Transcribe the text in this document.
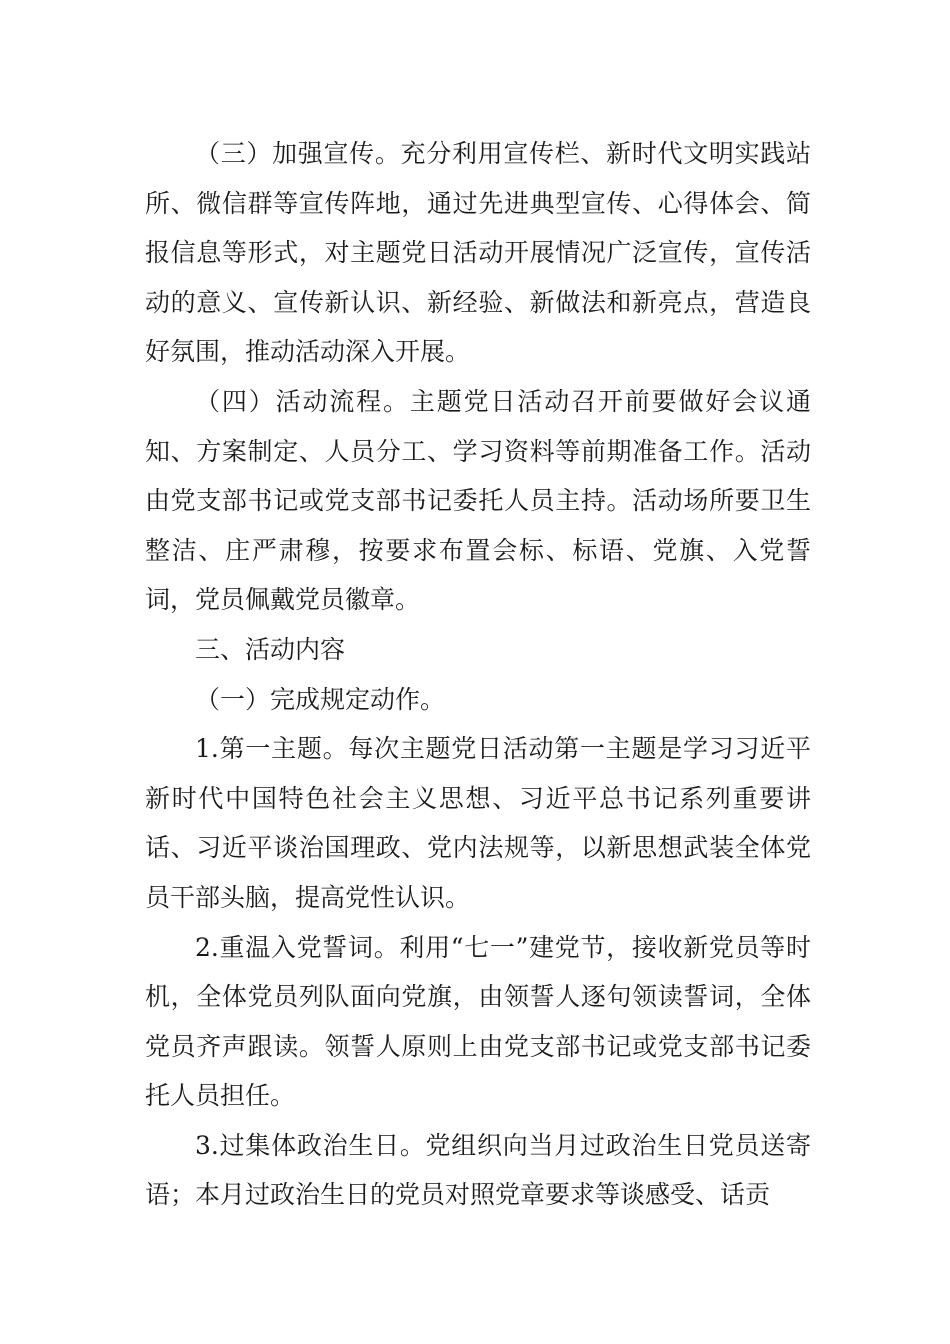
（三）加强宣传。充分利用宣传栏、新时代文明实践站所、微信群等宣传阵地，通过先进典型宣传、心得体会、简报信息等形式，对主题党日活动开展情况广泛宣传，宣传活动的意义、宣传新认识、新经验、新做法和新亮点，营造良好氛围，推动活动深入开展。

（四）活动流程。主题党日活动召开前要做好会议通知、方案制定、人员分工、学习资料等前期准备工作。活动由党支部书记或党支部书记委托人员主持。活动场所要卫生整洁、庄严肃穆，按要求布置会标、标语、党旗、入党誓词，党员佩戴党员徽章。

三、活动内容

（一）完成规定动作。

1.第一主题。每次主题党日活动第一主题是学习习近平新时代中国特色社会主义思想、习近平总书记系列重要讲话、习近平谈治国理政、党内法规等，以新思想武装全体党员干部头脑，提高党性认识。

2.重温入党誓词。利用“七一”建党节，接收新党员等时机，全体党员列队面向党旗，由领誓人逐句领读誓词，全体党员齐声跟读。领誓人原则上由党支部书记或党支部书记委托人员担任。

3.过集体政治生日。党组织向当月过政治生日党员送寄语；本月过政治生日的党员对照党章要求等谈感受、话贡
